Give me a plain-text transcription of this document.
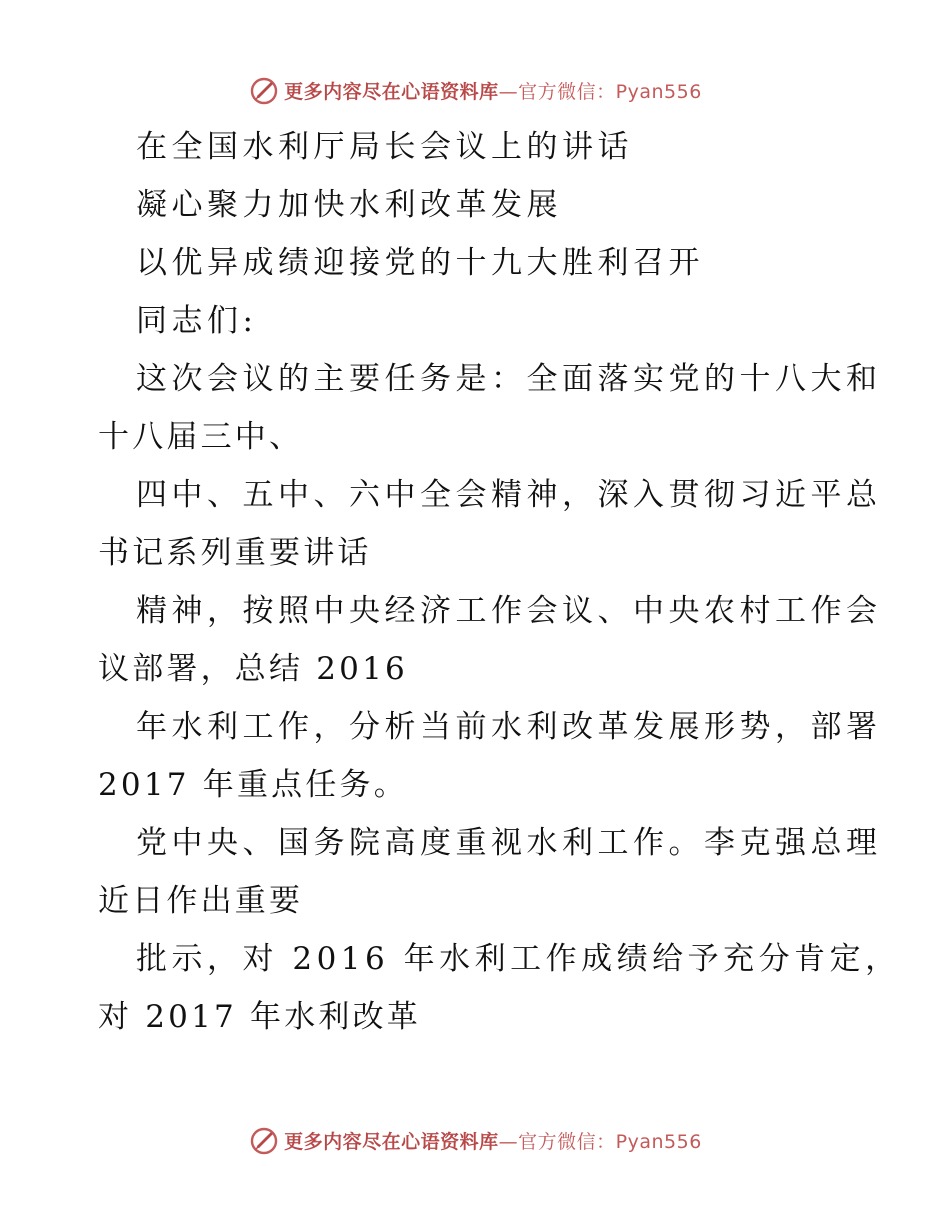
更多内容尽在心语资料库—官方微信：Pyan556
在全国水利厅局长会议上的讲话
凝心聚力加快水利改革发展
以优异成绩迎接党的十九大胜利召开
同志们:
这次会议的主要任务是：全面落实党的十八大和
十八届三中、
四中、五中、六中全会精神，深入贯彻习近平总
书记系列重要讲话
精神，按照中央经济工作会议、中央农村工作会
议部署，总结 2016
年水利工作，分析当前水利改革发展形势，部署
2017 年重点任务。
党中央、国务院高度重视水利工作。李克强总理
近日作出重要
批示，对 2016 年水利工作成绩给予充分肯定，
对 2017 年水利改革
更多内容尽在心语资料库—官方微信：Pyan556
